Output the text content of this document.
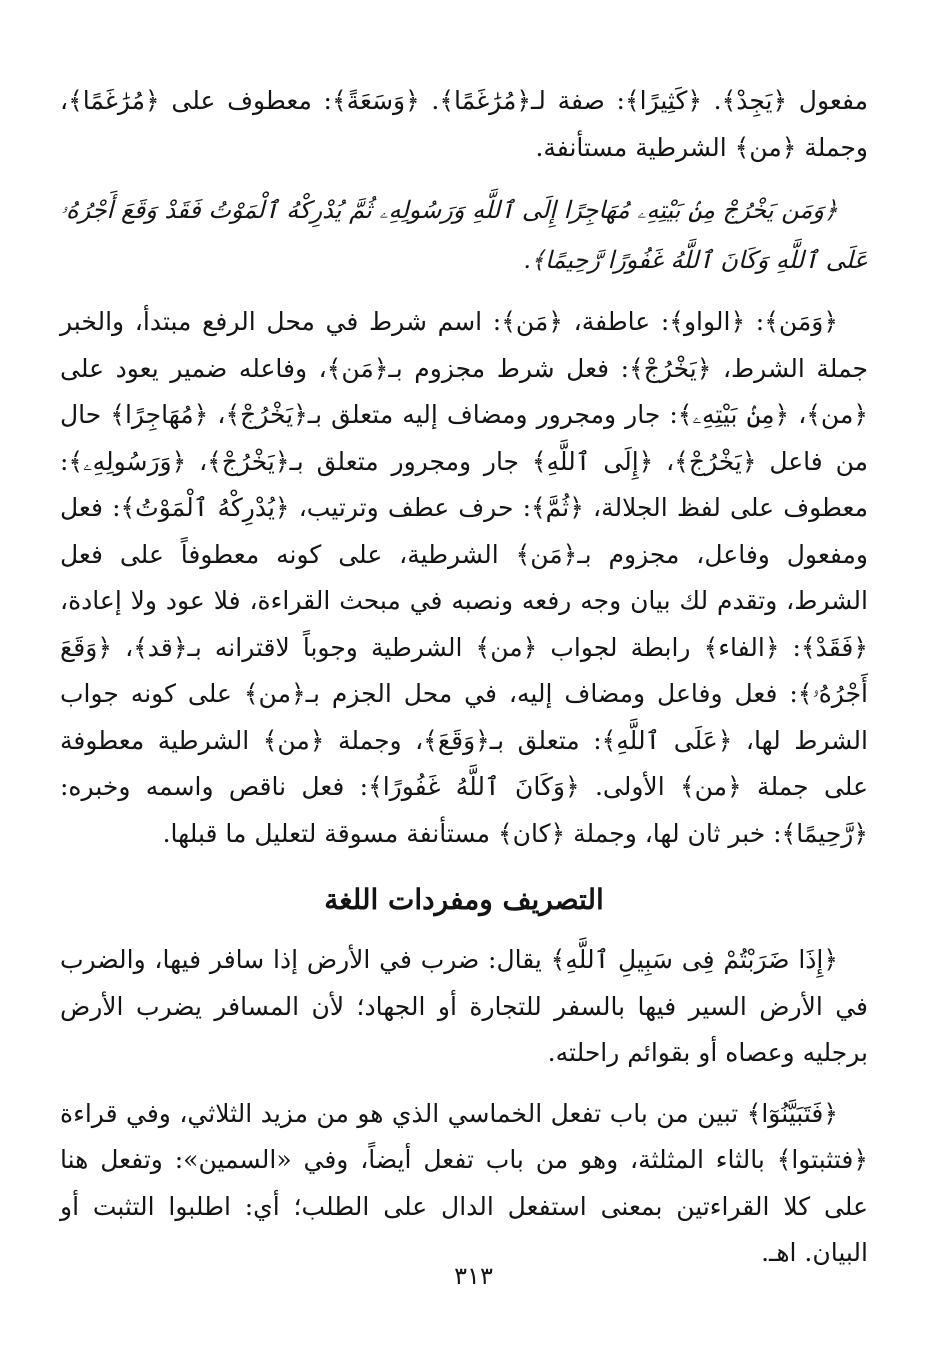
مفعول ﴿يَجِدْ﴾. ﴿كَثِيرًا﴾: صفة لـ﴿مُرَٰغَمًا﴾. ﴿وَسَعَةً﴾: معطوف على ﴿مُرَٰغَمًا﴾، وجملة ﴿من﴾ الشرطية مستأنفة.

﴿وَمَن يَخْرُجْ مِنۢ بَيْتِهِۦ مُهَاجِرًا إِلَى ٱللَّهِ وَرَسُولِهِۦ ثُمَّ يُدْرِكْهُ ٱلْمَوْتُ فَقَدْ وَقَعَ أَجْرُهُۥ عَلَى ٱللَّهِ وَكَانَ ٱللَّهُ غَفُورًا رَّحِيمًا﴾.

﴿وَمَن﴾: ﴿الواو﴾: عاطفة، ﴿مَن﴾: اسم شرط في محل الرفع مبتدأ، والخبر جملة الشرط، ﴿يَخْرُجْ﴾: فعل شرط مجزوم بـ﴿مَن﴾، وفاعله ضمير يعود على ﴿من﴾، ﴿مِنۢ بَيْتِهِۦ﴾: جار ومجرور ومضاف إليه متعلق بـ﴿يَخْرُجْ﴾، ﴿مُهَاجِرًا﴾ حال من فاعل ﴿يَخْرُجْ﴾، ﴿إِلَى ٱللَّهِ﴾ جار ومجرور متعلق بـ﴿يَخْرُجْ﴾، ﴿وَرَسُولِهِۦ﴾: معطوف على لفظ الجلالة، ﴿ثُمَّ﴾: حرف عطف وترتيب، ﴿يُدْرِكْهُ ٱلْمَوْتُ﴾: فعل ومفعول وفاعل، مجزوم بـ﴿مَن﴾ الشرطية، على كونه معطوفاً على فعل الشرط، وتقدم لك بيان وجه رفعه ونصبه في مبحث القراءة، فلا عود ولا إعادة، ﴿فَقَدْ﴾: ﴿الفاء﴾ رابطة لجواب ﴿من﴾ الشرطية وجوباً لاقترانه بـ﴿قد﴾، ﴿وَقَعَ أَجْرُهُۥ﴾: فعل وفاعل ومضاف إليه، في محل الجزم بـ﴿من﴾ على كونه جواب الشرط لها، ﴿عَلَى ٱللَّهِ﴾: متعلق بـ﴿وَقَعَ﴾، وجملة ﴿من﴾ الشرطية معطوفة على جملة ﴿من﴾ الأولى. ﴿وَكَانَ ٱللَّهُ غَفُورًا﴾: فعل ناقص واسمه وخبره: ﴿رَّحِيمًا﴾: خبر ثان لها، وجملة ﴿كان﴾ مستأنفة مسوقة لتعليل ما قبلها.

التصريف ومفردات اللغة

﴿إِذَا ضَرَبْتُمْ فِى سَبِيلِ ٱللَّهِ﴾ يقال: ضرب في الأرض إذا سافر فيها، والضرب في الأرض السير فيها بالسفر للتجارة أو الجهاد؛ لأن المسافر يضرب الأرض برجليه وعصاه أو بقوائم راحلته.

﴿فَتَبَيَّنُوٓا﴾ تبين من باب تفعل الخماسي الذي هو من مزيد الثلاثي، وفي قراءة ﴿فتثبتوا﴾ بالثاء المثلثة، وهو من باب تفعل أيضاً، وفي «السمين»: وتفعل هنا على كلا القراءتين بمعنى استفعل الدال على الطلب؛ أي: اطلبوا التثبت أو البيان. اهـ.

٣١٣
